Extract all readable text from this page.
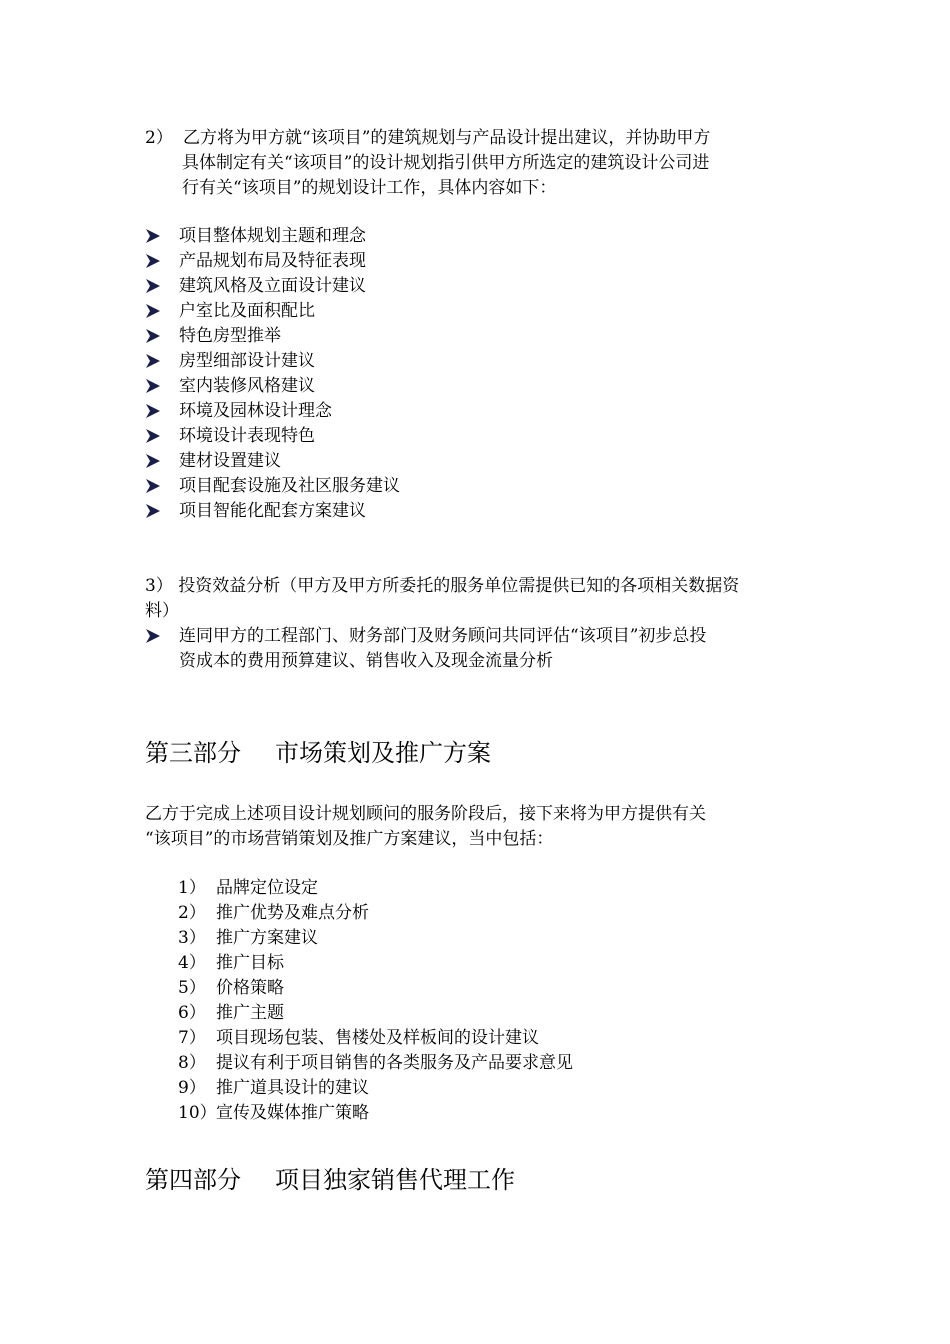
2） 乙方将为甲方就“该项目”的建筑规划与产品设计提出建议，并协助甲方
具体制定有关“该项目”的设计规划指引供甲方所选定的建筑设计公司进
行有关“该项目”的规划设计工作，具体内容如下：
项目整体规划主题和理念
产品规划布局及特征表现
建筑风格及立面设计建议
户室比及面积配比
特色房型推举
房型细部设计建议
室内装修风格建议
环境及园林设计理念
环境设计表现特色
建材设置建议
项目配套设施及社区服务建议
项目智能化配套方案建议
3） 投资效益分析（甲方及甲方所委托的服务单位需提供已知的各项相关数据资
料）
连同甲方的工程部门、财务部门及财务顾问共同评估“该项目”初步总投
资成本的费用预算建议、销售收入及现金流量分析
第三部分 市场策划及推广方案
乙方于完成上述项目设计规划顾问的服务阶段后，接下来将为甲方提供有关
“该项目”的市场营销策划及推广方案建议，当中包括：
1） 品牌定位设定
2） 推广优势及难点分析
3） 推广方案建议
4） 推广目标
5） 价格策略
6） 推广主题
7） 项目现场包装、售楼处及样板间的设计建议
8） 提议有利于项目销售的各类服务及产品要求意见
9） 推广道具设计的建议
10）宣传及媒体推广策略
第四部分 项目独家销售代理工作
